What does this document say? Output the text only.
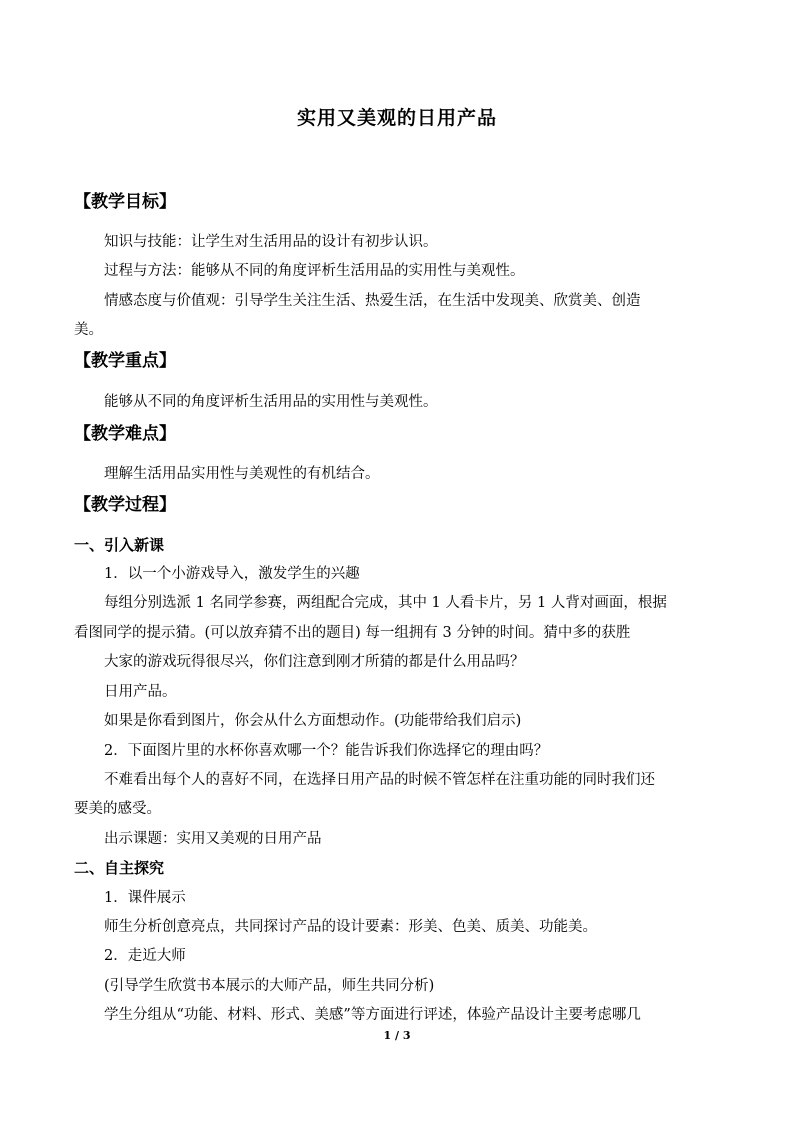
实用又美观的日用产品
【教学目标】
知识与技能：让学生对生活用品的设计有初步认识。
过程与方法：能够从不同的角度评析生活用品的实用性与美观性。
情感态度与价值观：引导学生关注生活、热爱生活，在生活中发现美、欣赏美、创造
美。
【教学重点】
能够从不同的角度评析生活用品的实用性与美观性。
【教学难点】
理解生活用品实用性与美观性的有机结合。
【教学过程】
一、引入新课
1．以一个小游戏导入，激发学生的兴趣
每组分别选派 1 名同学参赛，两组配合完成，其中 1 人看卡片，另 1 人背对画面，根据
看图同学的提示猜。(可以放弃猜不出的题目) 每一组拥有 3 分钟的时间。猜中多的获胜
大家的游戏玩得很尽兴，你们注意到刚才所猜的都是什么用品吗？
日用产品。
如果是你看到图片，你会从什么方面想动作。(功能带给我们启示)
2．下面图片里的水杯你喜欢哪一个？能告诉我们你选择它的理由吗？
不难看出每个人的喜好不同，在选择日用产品的时候不管怎样在注重功能的同时我们还
要美的感受。
出示课题：实用又美观的日用产品
二、自主探究
1．课件展示
师生分析创意亮点，共同探讨产品的设计要素：形美、色美、质美、功能美。
2．走近大师
(引导学生欣赏书本展示的大师产品，师生共同分析)
学生分组从“功能、材料、形式、美感”等方面进行评述，体验产品设计主要考虑哪几
1 / 3
